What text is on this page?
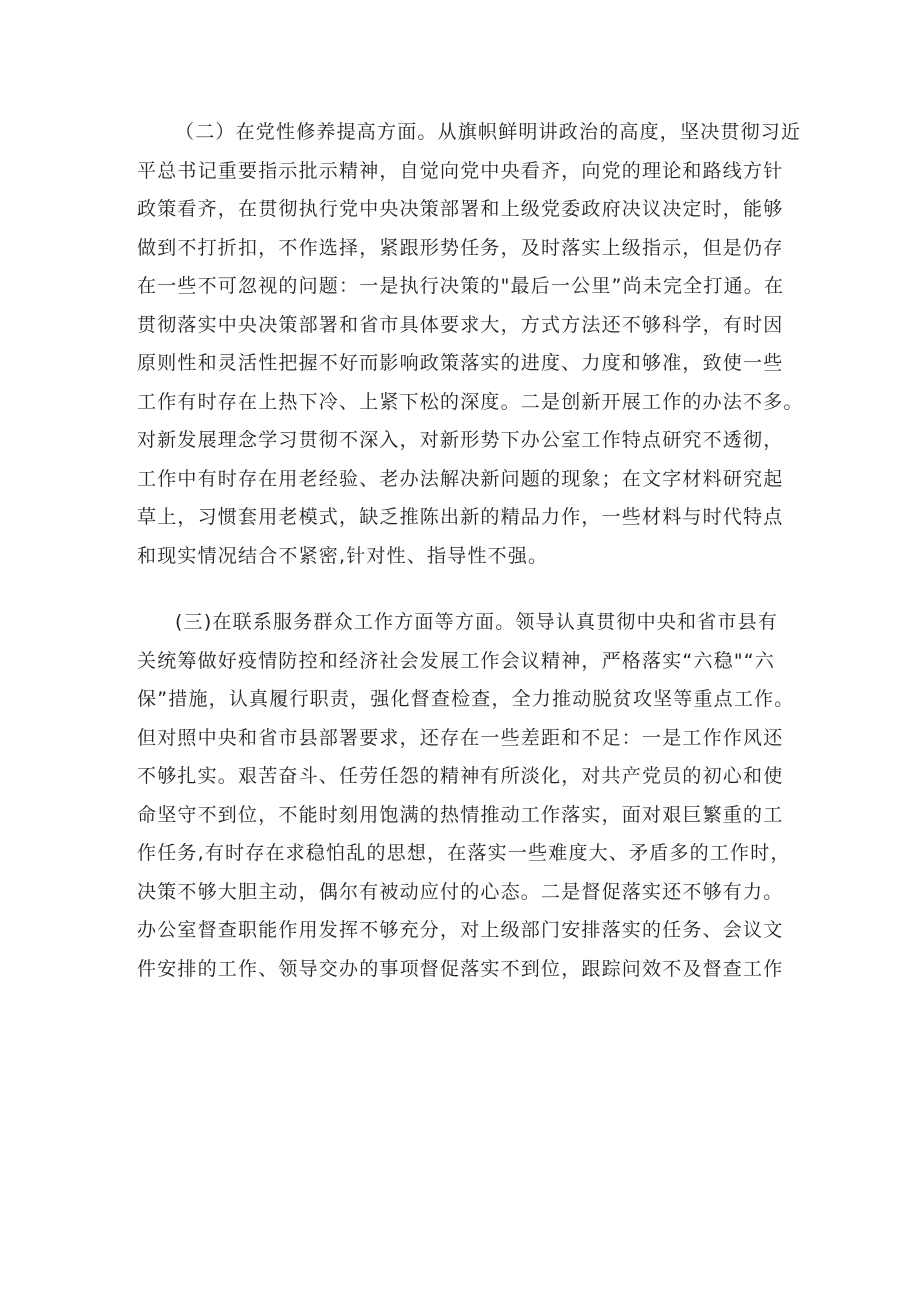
（二）在党性修养提高方面。从旗帜鲜明讲政治的高度，坚决贯彻习近
平总书记重要指示批示精神，自觉向党中央看齐，向党的理论和路线方针
政策看齐，在贯彻执行党中央决策部署和上级党委政府决议决定时，能够
做到不打折扣，不作选择，紧跟形势任务，及时落实上级指示，但是仍存
在一些不可忽视的问题：一是执行决策的"最后一公里”尚未完全打通。在
贯彻落实中央决策部署和省市具体要求大，方式方法还不够科学，有时因
原则性和灵活性把握不好而影响政策落实的进度、力度和够准，致使一些
工作有时存在上热下冷、上紧下松的深度。二是创新开展工作的办法不多。
对新发展理念学习贯彻不深入，对新形势下办公室工作特点研究不透彻，
工作中有时存在用老经验、老办法解决新问题的现象；在文字材料研究起
草上，习惯套用老模式，缺乏推陈出新的精品力作，一些材料与时代特点
和现实情况结合不紧密,针对性、指导性不强。

(三)在联系服务群众工作方面等方面。领导认真贯彻中央和省市县有
关统筹做好疫情防控和经济社会发展工作会议精神，严格落实“六稳"“六
保”措施，认真履行职责，强化督查检查，全力推动脱贫攻坚等重点工作。
但对照中央和省市县部署要求，还存在一些差距和不足：一是工作作风还
不够扎实。艰苦奋斗、任劳任怨的精神有所淡化，对共产党员的初心和使
命坚守不到位，不能时刻用饱满的热情推动工作落实，面对艰巨繁重的工
作任务,有时存在求稳怕乱的思想，在落实一些难度大、矛盾多的工作时，
决策不够大胆主动，偶尔有被动应付的心态。二是督促落实还不够有力。
办公室督查职能作用发挥不够充分，对上级部门安排落实的任务、会议文
件安排的工作、领导交办的事项督促落实不到位，跟踪问效不及督查工作
